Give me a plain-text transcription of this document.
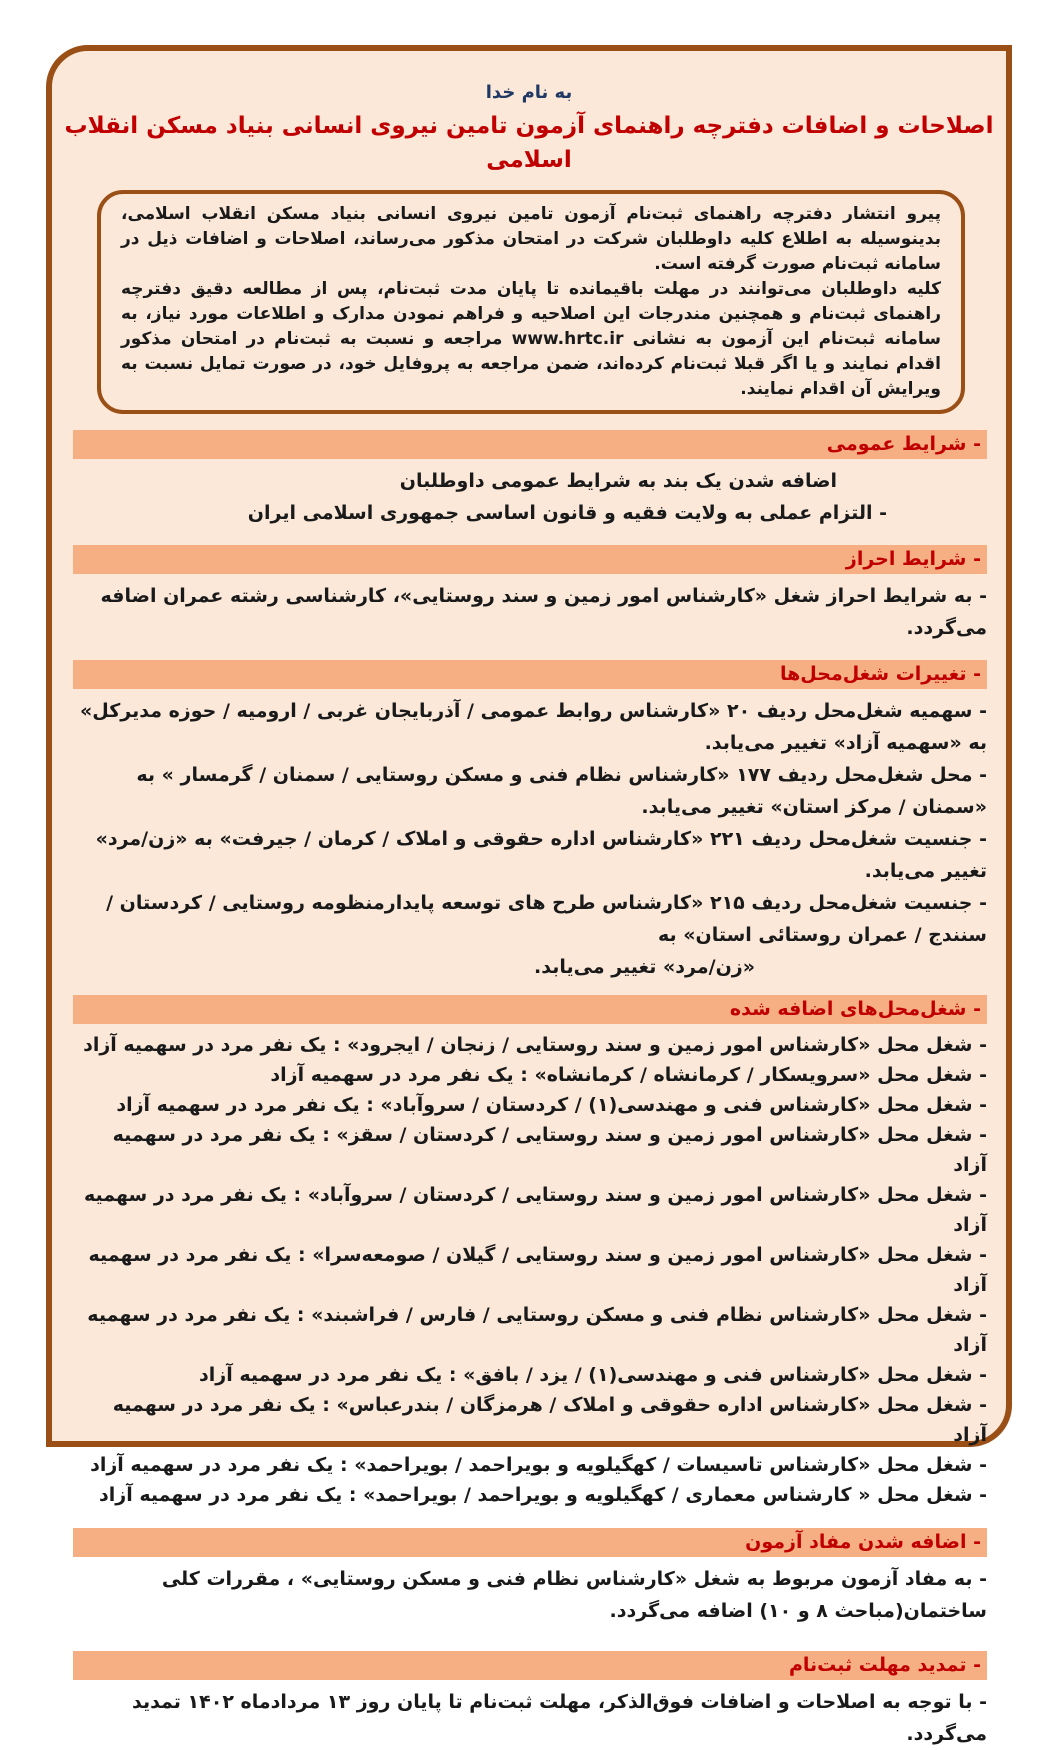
به نام خدا
اصلاحات و اضافات دفترچه راهنمای آزمون تامین نیروی انسانی بنیاد مسکن انقلاب اسلامی

پیرو انتشار دفترچه راهنمای ثبت‌نام آزمون تامین نیروی انسانی بنیاد مسکن انقلاب اسلامی، بدینوسیله به اطلاع کلیه داوطلبان شرکت در امتحان مذکور می‌رساند، اصلاحات و اضافات ذیل در سامانه ثبت‌نام صورت گرفته است.

کلیه داوطلبان می‌توانند در مهلت باقیمانده تا پایان مدت ثبت‌نام، پس از مطالعه دقیق دفترچه راهنمای ثبت‌نام و همچنین مندرجات این اصلاحیه و فراهم نمودن مدارک و اطلاعات مورد نیاز، به سامانه ثبت‌نام این آزمون به نشانی www.hrtc.ir مراجعه و نسبت به ثبت‌نام در امتحان مذکور اقدام نمایند و یا اگر قبلا ثبت‌نام کرده‌اند، ضمن مراجعه به پروفایل خود، در صورت تمایل نسبت به ویرایش آن اقدام نمایند.

- شرایط عمومی

اضافه شدن یک بند به شرایط عمومی داوطلبان

- التزام عملی به ولایت فقیه و قانون اساسی جمهوری اسلامی ایران

- شرایط احراز

- به شرایط احراز شغل «کارشناس امور زمین و سند روستایی»، کارشناسی رشته عمران اضافه می‌گردد.

- تغییرات شغل‌محل‌ها

- سهمیه شغل‌محل ردیف ۲۰ «کارشناس روابط عمومی / آذربایجان غربی / ارومیه / حوزه مدیرکل» به «سهمیه آزاد» تغییر می‌یابد.

- محل شغل‌محل ردیف ۱۷۷ «کارشناس نظام فنی و مسکن روستایی / سمنان / گرمسار » به «سمنان / مرکز استان» تغییر می‌یابد.

- جنسیت شغل‌محل ردیف ۲۲۱ «کارشناس اداره حقوقی و املاک / کرمان / جیرفت» به «زن/مرد» تغییر می‌یابد.

- جنسیت شغل‌محل ردیف ۲۱۵ «کارشناس طرح های توسعه پایدارمنظومه روستایی / کردستان / سنندج / عمران روستائی استان» به

«زن/مرد» تغییر می‌یابد.

- شغل‌محل‌های اضافه شده

- شغل محل «کارشناس امور زمین و سند روستایی / زنجان / ایجرود» : یک نفر مرد در سهمیه آزاد

- شغل محل «سرویسکار / کرمانشاه / کرمانشاه» : یک نفر مرد در سهمیه آزاد

- شغل محل «کارشناس فنی و مهندسی(۱) / کردستان / سروآباد» : یک نفر مرد در سهمیه آزاد

- شغل محل «کارشناس امور زمین و سند روستایی / کردستان / سقز» : یک نفر مرد در سهمیه آزاد

- شغل محل «کارشناس امور زمین و سند روستایی / کردستان / سروآباد» : یک نفر مرد در سهمیه آزاد

- شغل محل «کارشناس امور زمین و سند روستایی / گیلان / صومعه‌سرا» : یک نفر مرد در سهمیه آزاد

- شغل محل «کارشناس نظام فنی و مسکن روستایی / فارس / فراشبند» : یک نفر مرد در سهمیه آزاد

- شغل محل «کارشناس فنی و مهندسی(۱) / یزد / بافق» : یک نفر مرد در سهمیه آزاد

- شغل محل «کارشناس اداره حقوقی و املاک / هرمزگان / بندرعباس» : یک نفر مرد در سهمیه آزاد

- شغل محل «کارشناس تاسیسات / کهگیلویه و بویراحمد / بویراحمد» : یک نفر مرد در سهمیه آزاد

- شغل محل « کارشناس معماری / کهگیلویه و بویراحمد / بویراحمد» : یک نفر مرد در سهمیه آزاد

- اضافه شدن مفاد آزمون

- به مفاد آزمون مربوط به شغل «کارشناس نظام فنی و مسکن روستایی» ، مقررات کلی ساختمان(مباحث ۸ و ۱۰) اضافه می‌گردد.

- تمدید مهلت ثبت‌نام

- با توجه به اصلاحات و اضافات فوق‌الذکر، مهلت ثبت‌نام تا پایان روز ۱۳ مردادماه ۱۴۰۲ تمدید می‌گردد.
